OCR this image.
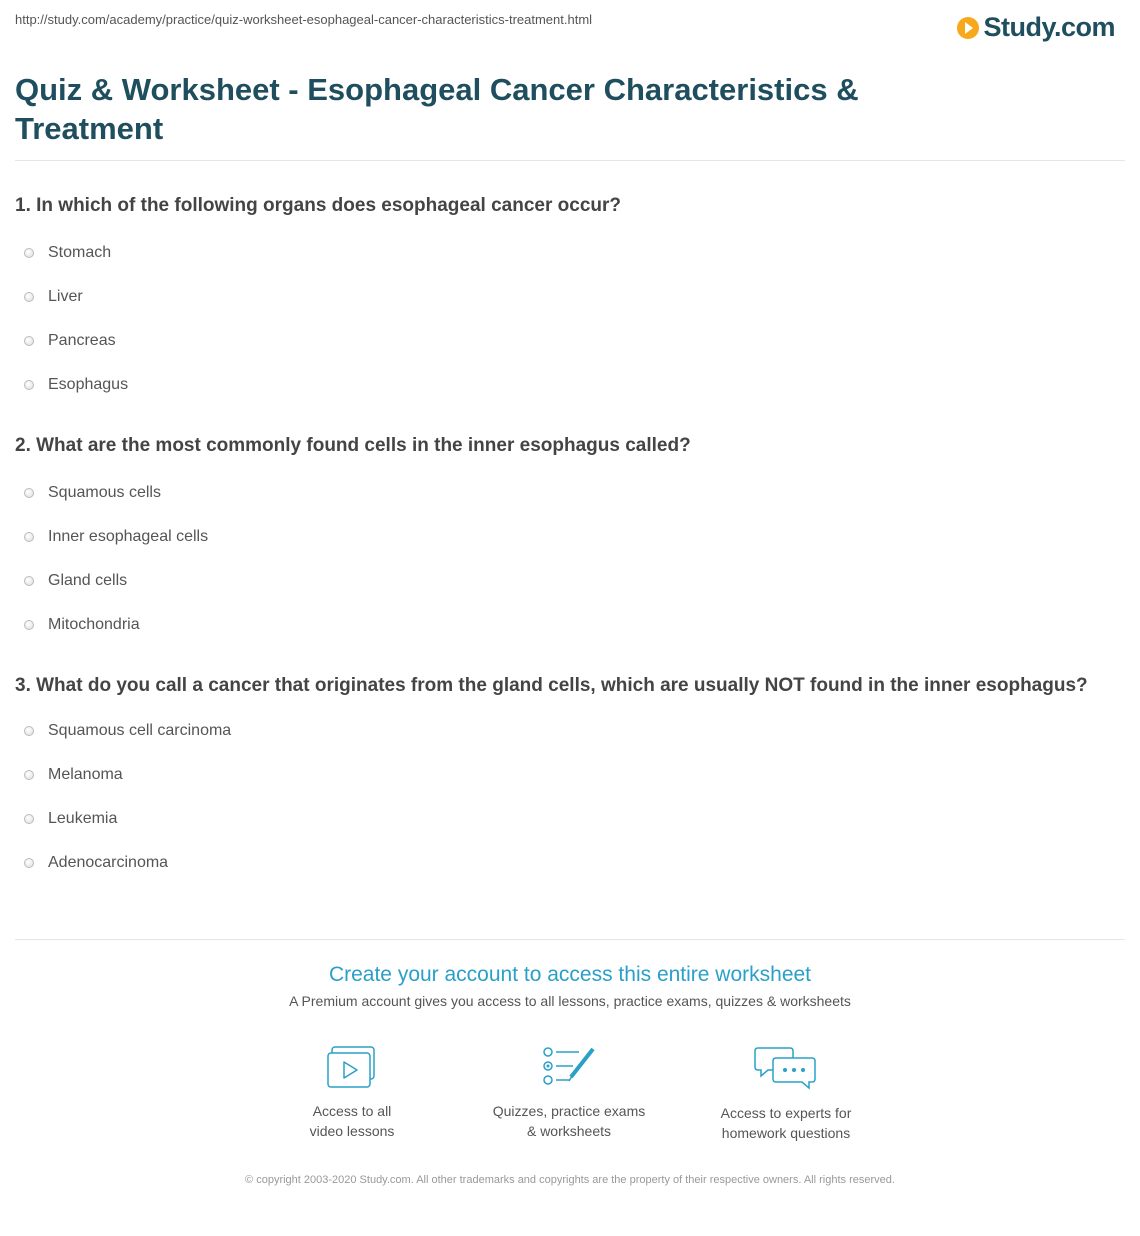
http://study.com/academy/practice/quiz-worksheet-esophageal-cancer-characteristics-treatment.html	Study.com
Quiz & Worksheet - Esophageal Cancer Characteristics & Treatment

1. In which of the following organs does esophageal cancer occur?

Stomach
Liver
Pancreas
Esophagus

2. What are the most commonly found cells in the inner esophagus called?

Squamous cells
Inner esophageal cells
Gland cells
Mitochondria

3. What do you call a cancer that originates from the gland cells, which are usually NOT found in the inner esophagus?

Squamous cell carcinoma
Melanoma
Leukemia
Adenocarcinoma
Create your account to access this entire worksheet
A Premium account gives you access to all lessons, practice exams, quizzes & worksheets
Access to all
video lessons
Quizzes, practice exams
& worksheets
Access to experts for
homework questions
© copyright 2003-2020 Study.com. All other trademarks and copyrights are the property of their respective owners. All rights reserved.
